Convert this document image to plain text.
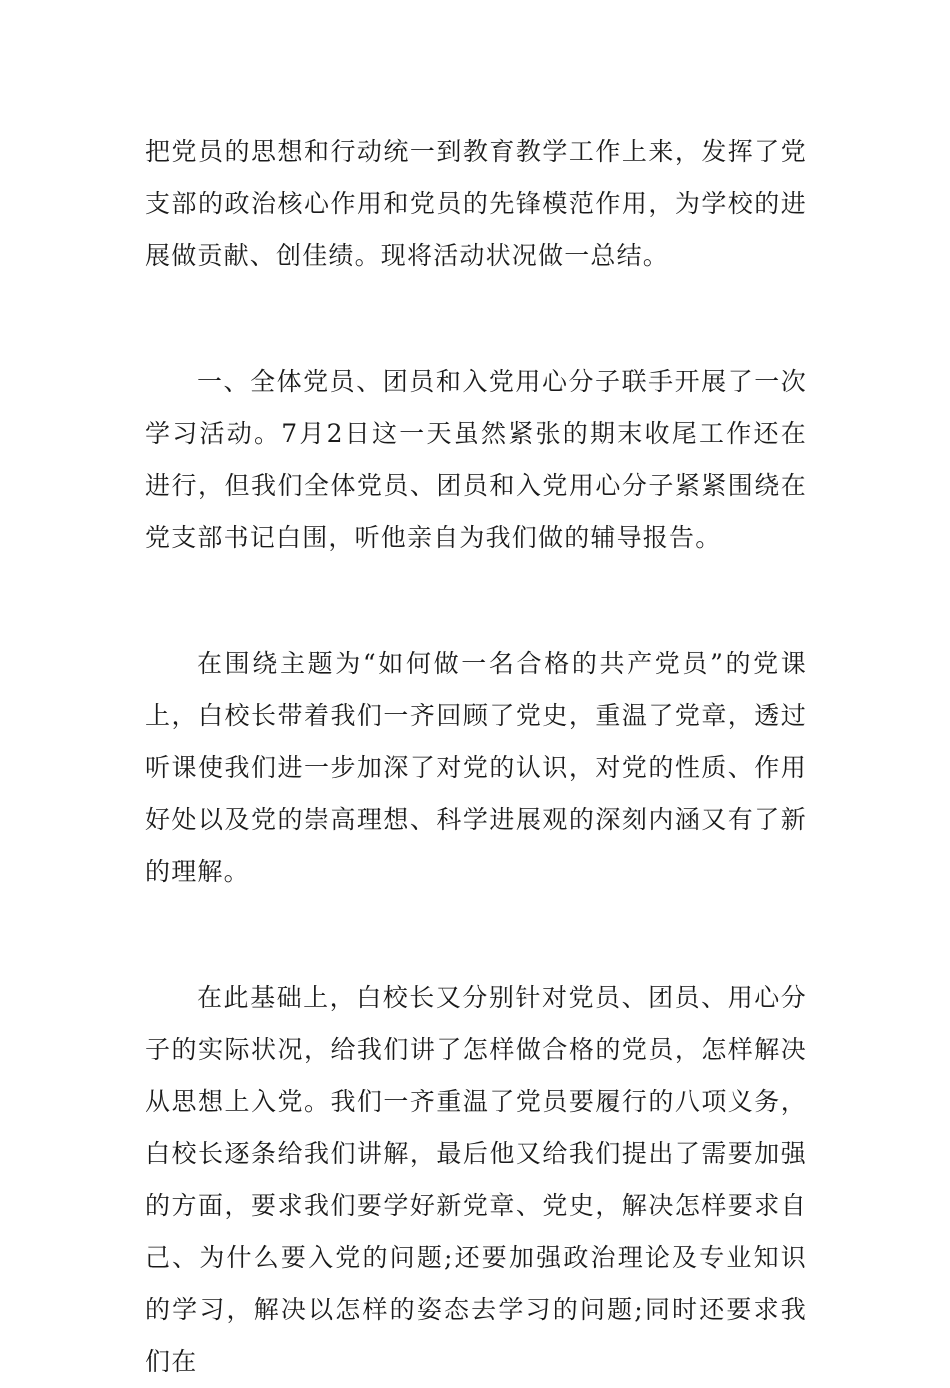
把党员的思想和行动统一到教育教学工作上来，发挥了党支部的政治核心作用和党员的先锋模范作用，为学校的进展做贡献、创佳绩。现将活动状况做一总结。

一、全体党员、团员和入党用心分子联手开展了一次学习活动。7月2日这一天虽然紧张的期末收尾工作还在进行，但我们全体党员、团员和入党用心分子紧紧围绕在党支部书记白围，听他亲自为我们做的辅导报告。

在围绕主题为“如何做一名合格的共产党员”的党课上，白校长带着我们一齐回顾了党史，重温了党章，透过听课使我们进一步加深了对党的认识，对党的性质、作用好处以及党的崇高理想、科学进展观的深刻内涵又有了新的理解。

在此基础上，白校长又分别针对党员、团员、用心分子的实际状况，给我们讲了怎样做合格的党员，怎样解决从思想上入党。我们一齐重温了党员要履行的八项义务，白校长逐条给我们讲解，最后他又给我们提出了需要加强的方面，要求我们要学好新党章、党史，解决怎样要求自己、为什么要入党的问题;还要加强政治理论及专业知识的学习，解决以怎样的姿态去学习的问题;同时还要求我们在
